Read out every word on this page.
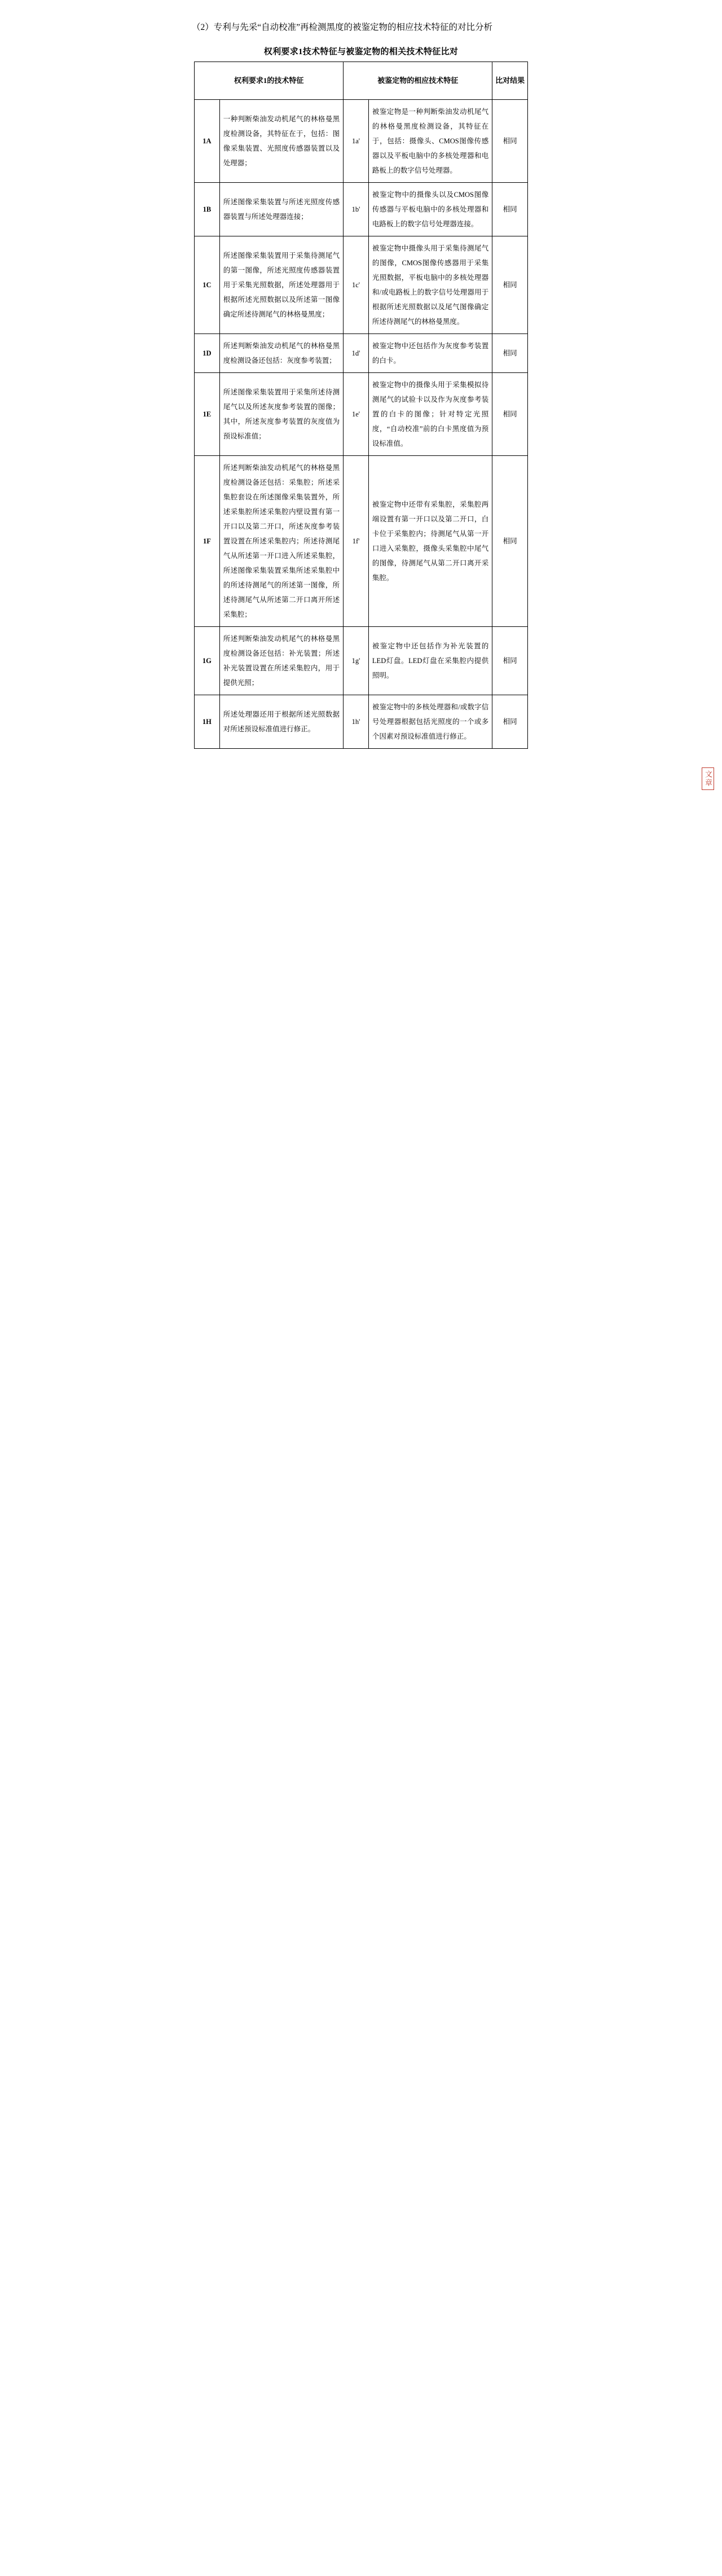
（2）专利与先采“自动校准”再检测黑度的被鉴定物的相应技术特征的对比分析

权利要求1技术特征与被鉴定物的相关技术特征比对
权利要求1的技术特征		被鉴定物的相应技术特征		比对结果
1A	一种判断柴油发动机尾气的林格曼黑度检测设备，其特征在于，包括：图像采集装置、光照度传感器装置以及处理器；	1a'	被鉴定物是一种判断柴油发动机尾气的林格曼黑度检测设备，其特征在于，包括：摄像头、CMOS图像传感器以及平板电脑中的多核处理器和电路板上的数字信号处理器。	相同
1B	所述图像采集装置与所述光照度传感器装置与所述处理器连接；	1b'	被鉴定物中的摄像头以及CMOS图像传感器与平板电脑中的多核处理器和电路板上的数字信号处理器连接。	相同
1C	所述图像采集装置用于采集待测尾气的第一图像，所述光照度传感器装置用于采集光照数据，所述处理器用于根据所述光照数据以及所述第一图像确定所述待测尾气的林格曼黑度；	1c'	被鉴定物中摄像头用于采集待测尾气的图像，CMOS图像传感器用于采集光照数据，平板电脑中的多核处理器和/或电路板上的数字信号处理器用于根据所述光照数据以及尾气图像确定所述待测尾气的林格曼黑度。	相同
1D	所述判断柴油发动机尾气的林格曼黑度检测设备还包括：灰度参考装置；	1d'	被鉴定物中还包括作为灰度参考装置的白卡。	相同
1E	所述图像采集装置用于采集所述待测尾气以及所述灰度参考装置的图像；其中，所述灰度参考装置的灰度值为预设标准值；	1e'	被鉴定物中的摄像头用于采集模拟待测尾气的试验卡以及作为灰度参考装置的白卡的图像；针对特定光照度，“自动校准”前的白卡黑度值为预设标准值。	相同
1F	所述判断柴油发动机尾气的林格曼黑度检测设备还包括：采集腔；所述采集腔套设在所述图像采集装置外，所述采集腔所述采集腔内壁设置有第一开口以及第二开口，所述灰度参考装置设置在所述采集腔内；所述待测尾气从所述第一开口进入所述采集腔，所述图像采集装置采集所述采集腔中的所述待测尾气的所述第一图像，所述待测尾气从所述第二开口离开所述采集腔；	1f'	被鉴定物中还带有采集腔，采集腔两端设置有第一开口以及第二开口，白卡位于采集腔内；待测尾气从第一开口进入采集腔，摄像头采集腔中尾气的图像，待测尾气从第二开口离开采集腔。	相同
1G	所述判断柴油发动机尾气的林格曼黑度检测设备还包括：补光装置；所述补光装置设置在所述采集腔内，用于提供光照；	1g'	被鉴定物中还包括作为补光装置的LED灯盘。LED灯盘在采集腔内提供照明。	相同
1H	所述处理器还用于根据所述光照数据对所述预设标准值进行修正。	1h'	被鉴定物中的多核处理器和/或数字信号处理器根据包括光照度的一个或多个因素对预设标准值进行修正。	相同
文章
